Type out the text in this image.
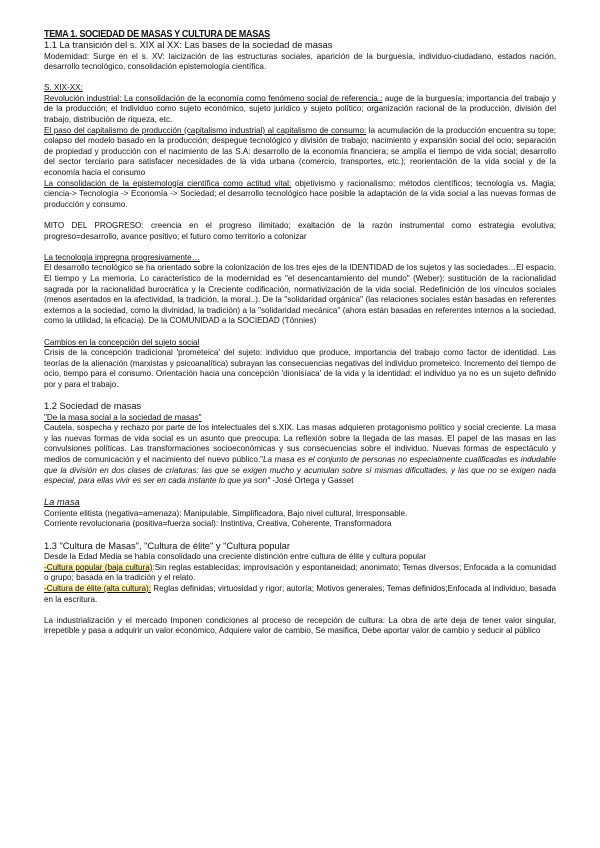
TEMA 1. SOCIEDAD DE MASAS Y CULTURA DE MASAS
1.1 La transición del s. XIX al XX: Las bases de la sociedad de masas

Modernidad: Surge en el s. XV: laicización de las estructuras sociales, aparición de la burguesía, individuo-ciudadano, estados nación, desarrollo tecnológico, consolidación epistemología científica.

S. XIX-XX:

Revolución industrial: La consolidación de la economía como fenómeno social de referencia.: auge de la burguesía; importancia del trabajo y de la producción; el Individuo como sujeto económico, sujeto jurídico y sujeto político; organización racional de la producción, división del trabajo, distribución de riqueza, etc.

El paso del capitalismo de producción (capitalismo industrial) al capitalismo de consumo: la acumulación de la producción encuentra su tope; colapso del modelo basado en la producción; despegue tecnológico y división de trabajo; nacimiento y expansión social del ocio; separación de propiedad y producción con el nacimiento de las S.A: desarrollo de la economía financiera; se amplía el tiempo de vida social; desarrollo del sector terciario para satisfacer necesidades de la vida urbana (comercio, transportes, etc.); reorientación de la vida social y de la economía hacia el consumo

La consolidación de la epistemología científica como actitud vital: objetivismo y racionalismo; métodos científicos; tecnología vs. Magia; ciencia-> Tecnología -> Economía -> Sociedad; el desarrollo tecnológico hace posible la adaptación de la vida social a las nuevas formas de producción y consumo.

MITO DEL PROGRESO: creencia en el progreso ilimitado; exaltación de la razón instrumental como estrategia evolutiva; progreso=desarrollo, avance positivo; el futuro como territorio a colonizar

La tecnología impregna progresivamente…

El desarrollo tecnológico se ha orientado sobre la colonización de los tres ejes de la IDENTIDAD de los sujetos y las sociedades…El espacio, El tiempo y La memoria. Lo característico de la modernidad es "el desencantamiento del mundo" (Weber): sustitución de la racionalidad sagrada por la racionalidad burocrática y la Creciente codificación, normativización de la vida social. Redefinición de los vínculos sociales (menos asentados en la afectividad, la tradición, la moral..). De la "solidaridad orgánica" (las relaciones sociales están basadas en referentes externos a la sociedad, como la divinidad, la tradición) a la "solidaridad mecánica" (ahora están basadas en referentes internos a la sociedad, como la utilidad, la eficacia). De la COMUNIDAD a la SOCIEDAD (Tönnies)

Cambios en la concepción del sujeto social

Crisis de la concepción tradicional 'prometeica' del sujeto: individuo que produce, importancia del trabajo como factor de identidad. Las teorías de la alienación (marxistas y psicoanalítica) subrayan las consecuencias negativas del individuo prometeico. Incremento del tiempo de ocio, tiempo para el consumo. Orientación hacia una concepción 'dionisíaca' de la vida y la identidad: el individuo ya no es un sujeto definido por y para el trabajo.

1.2 Sociedad de masas

"De la masa social a la sociedad de masas"

Cautela, sospecha y rechazo por parte de los intelectuales del s.XIX. Las masas adquieren protagonismo político y social creciente. La masa y las nuevas formas de vida social es un asunto que preocupa. La reflexión sobre la llegada de las masas. El papel de las masas en las convulsiones políticas. Las transformaciones socioeconómicas y sus consecuencias sobre el individuo. Nuevas formas de espectáculo y medios de comunicación y el nacimiento del nuevo público."La masa es el conjunto de personas no especialmente cualificadas es indudable que la división en dos clases de criaturas: las que se exigen mucho y acumulan sobre sí mismas dificultades, y las que no se exigen nada especial, para ellas vivir es ser en cada instante lo que ya son" -José Ortega y Gasset

La masa

Corriente elitista (negativa=amenaza): Manipulable, Simplificadora, Bajo nivel cultural, Irresponsable.

Corriente revolucionaria (positiva=fuerza social): Instintiva, Creativa, Coherente, Transformadora

1.3 "Cultura de Masas", "Cultura de élite" y "Cultura popular

Desde la Edad Media se había consolidado una creciente distinción entre cultura de élite y cultura popular

-Cultura popular (baja cultura):Sin reglas establecidas; improvisación y espontaneidad; anonimato; Temas diversos; Enfocada a la comunidad o grupo; basada en la tradición y el relato.

-Cultura de élite (alta cultura): Reglas definidas; virtuosidad y rigor; autoría; Motivos generales; Temas definidos;Enfocada al individuo; basada en la escritura.

La industrialización y el mercado Imponen condiciones al proceso de recepción de cultura: La obra de arte deja de tener valor singular, irrepetible y pasa a adquirir un valor económico, Adquiere valor de cambio, Se masifica, Debe aportar valor de cambio y seducir al público
